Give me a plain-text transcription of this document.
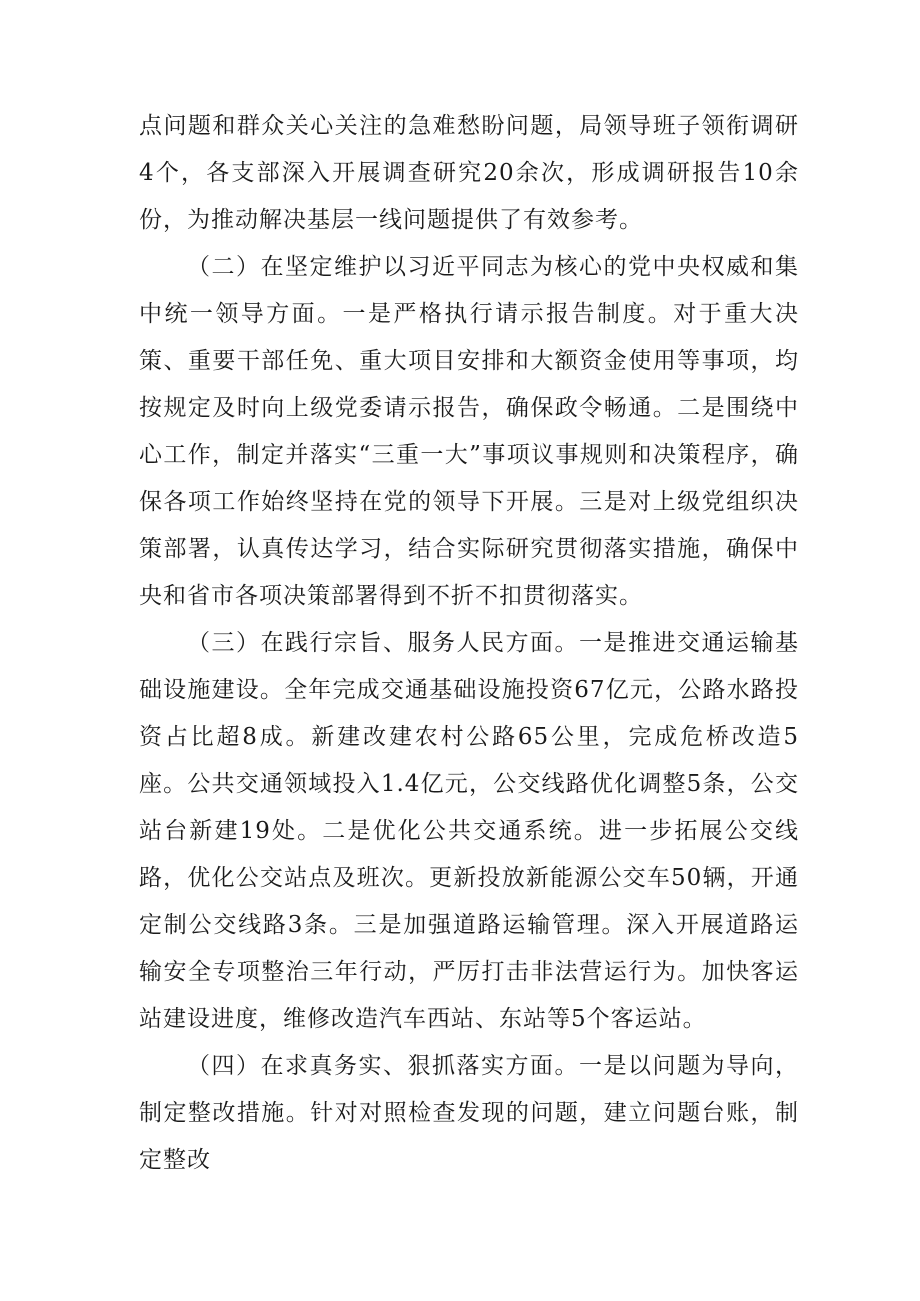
点问题和群众关心关注的急难愁盼问题，局领导班子领衔调研4个，各支部深入开展调查研究20余次，形成调研报告10余份，为推动解决基层一线问题提供了有效参考。

（二）在坚定维护以习近平同志为核心的党中央权威和集中统一领导方面。一是严格执行请示报告制度。对于重大决策、重要干部任免、重大项目安排和大额资金使用等事项，均按规定及时向上级党委请示报告，确保政令畅通。二是围绕中心工作，制定并落实“三重一大”事项议事规则和决策程序，确保各项工作始终坚持在党的领导下开展。三是对上级党组织决策部署，认真传达学习，结合实际研究贯彻落实措施，确保中央和省市各项决策部署得到不折不扣贯彻落实。

（三）在践行宗旨、服务人民方面。一是推进交通运输基础设施建设。全年完成交通基础设施投资67亿元，公路水路投资占比超8成。新建改建农村公路65公里，完成危桥改造5座。公共交通领域投入1.4亿元，公交线路优化调整5条，公交站台新建19处。二是优化公共交通系统。进一步拓展公交线路，优化公交站点及班次。更新投放新能源公交车50辆，开通定制公交线路3条。三是加强道路运输管理。深入开展道路运输安全专项整治三年行动，严厉打击非法营运行为。加快客运站建设进度，维修改造汽车西站、东站等5个客运站。

（四）在求真务实、狠抓落实方面。一是以问题为导向，制定整改措施。针对对照检查发现的问题，建立问题台账，制定整改
